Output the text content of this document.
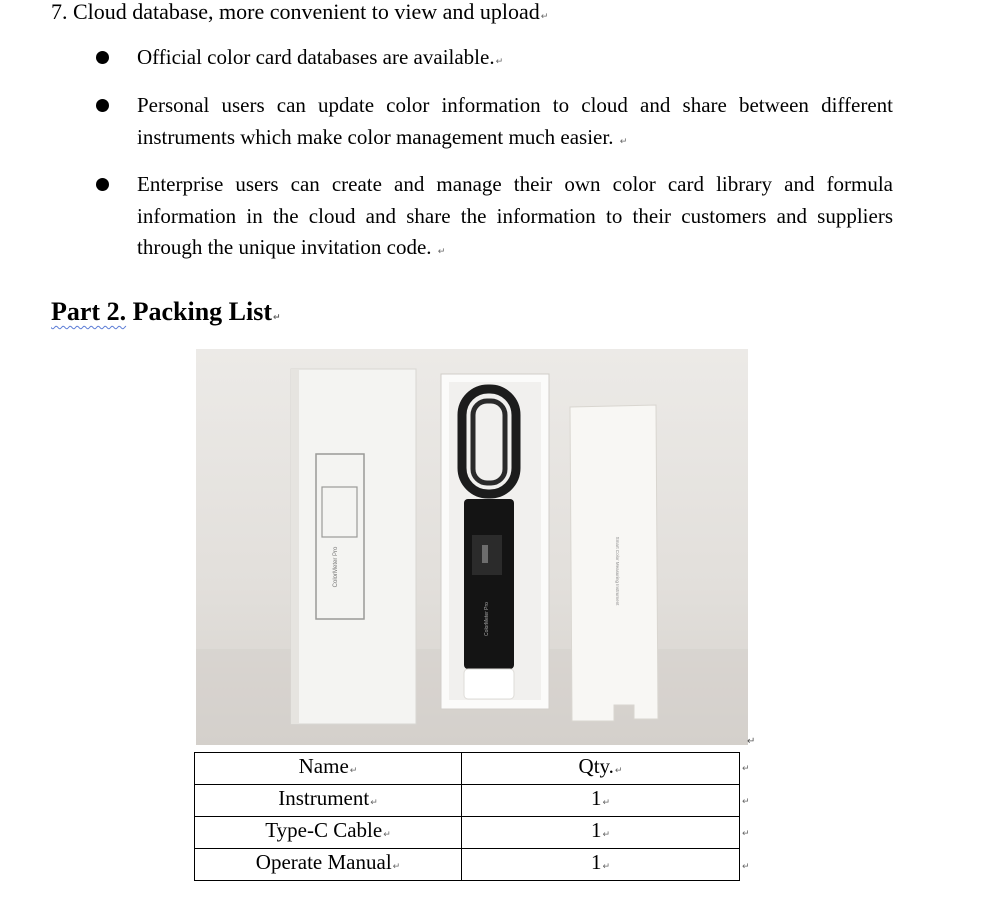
7. Cloud database, more convenient to view and upload↵
Official color card databases are available.↵
Personal users can update color information to cloud and share between different instruments which make color management much easier. ↵
Enterprise users can create and manage their own color card library and formula information in the cloud and share the information to their customers and suppliers through the unique invitation code. ↵
Part 2. Packing List↵
ColorMeter Pro
ColorMeter Pro
Smart Color Measuring Instrument
↵
Name↵	Qty.↵
Instrument↵	1↵
Type-C Cable↵	1↵
Operate Manual↵	1↵
↵
↵
↵
↵
